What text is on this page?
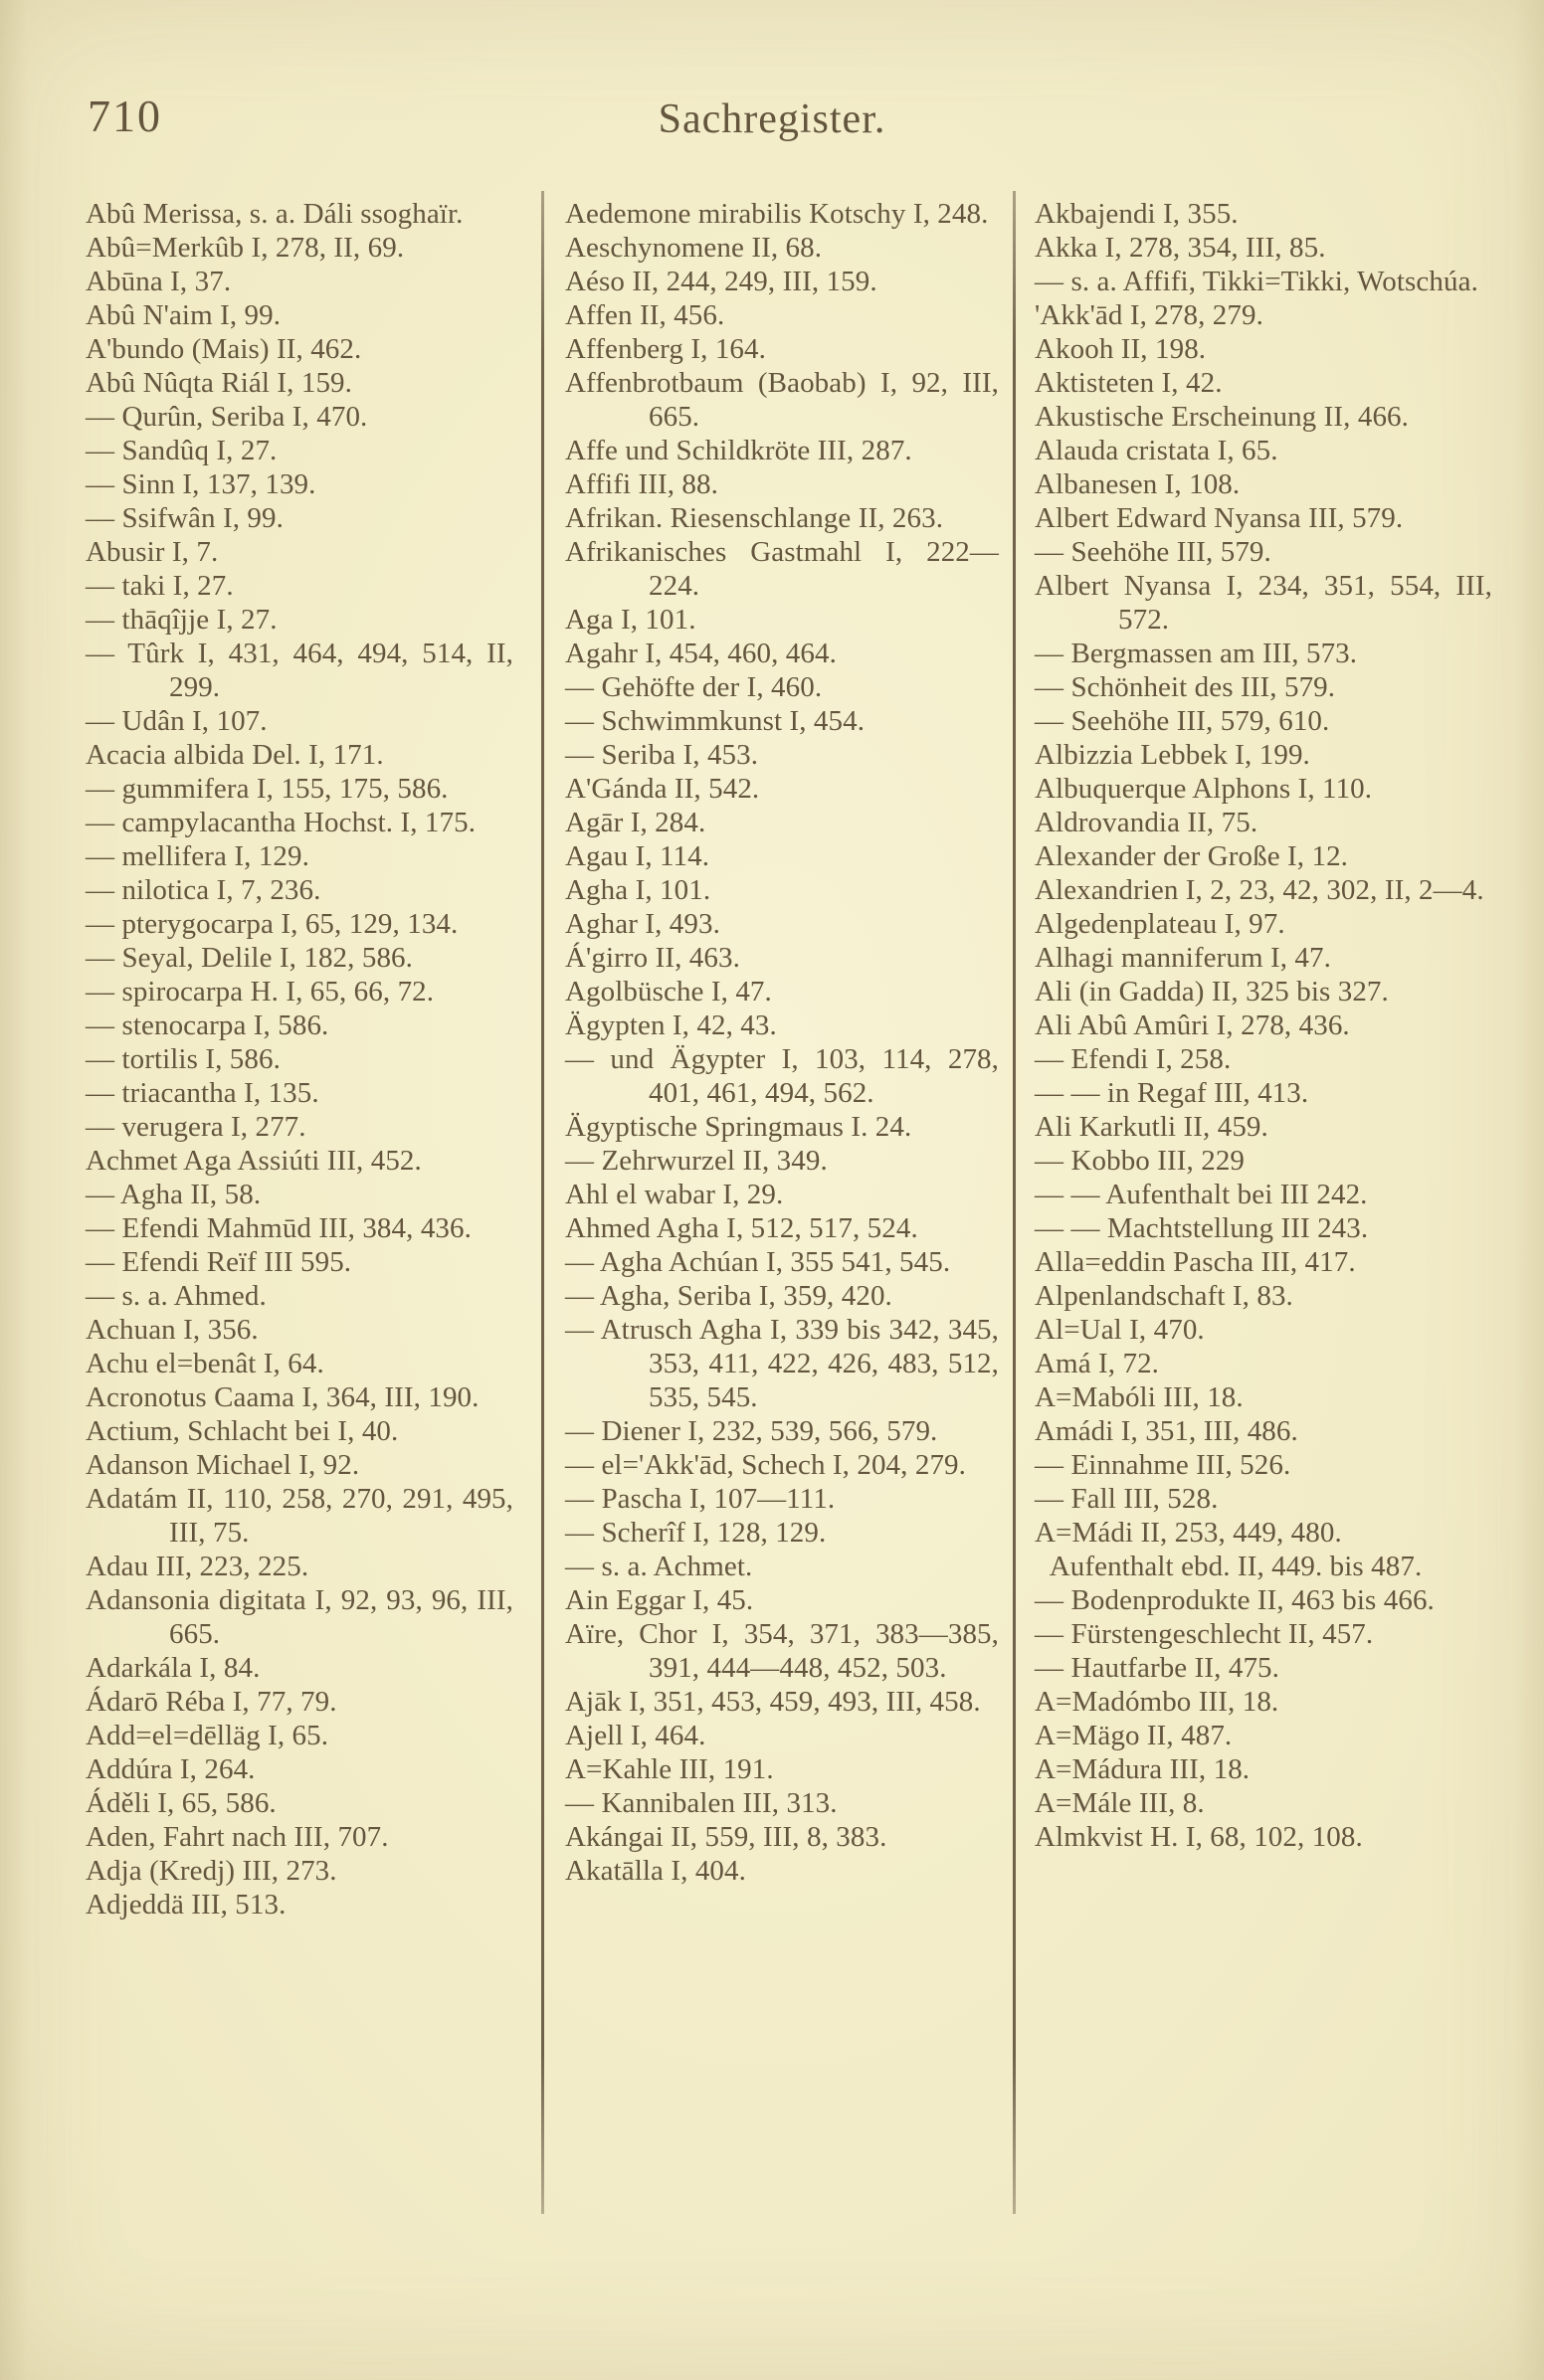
710	Sachregister.

Abû Merissa, s. a. Dáli ssoghaïr.

Abû=Merkûb I, 278, II, 69.

Abūna I, 37.

Abû N'aim I, 99.

A'bundo (Mais) II, 462.

Abû Nûqta Riál I, 159.

— Qurûn, Seriba I, 470.

— Sandûq I, 27.

— Sinn I, 137, 139.

— Ssifwân I, 99.

Abusir I, 7.

— taki I, 27.

— thāqîjje I, 27.

— Tûrk I, 431, 464, 494, 514, II, 299.

— Udân I, 107.

Acacia albida Del. I, 171.

— gummifera I, 155, 175, 586.

— campylacantha Hochst. I, 175.

— mellifera I, 129.

— nilotica I, 7, 236.

— pterygocarpa I, 65, 129, 134.

— Seyal, Delile I, 182, 586.

— spirocarpa H. I, 65, 66, 72.

— stenocarpa I, 586.

— tortilis I, 586.

— triacantha I, 135.

— verugera I, 277.

Achmet Aga Assiúti III, 452.

— Agha II, 58.

— Efendi Mahmūd III, 384, 436.

— Efendi Reïf III 595.

— s. a. Ahmed.

Achuan I, 356.

Achu el=benât I, 64.

Acronotus Caama I, 364, III, 190.

Actium, Schlacht bei I, 40.

Adanson Michael I, 92.

Adatám II, 110, 258, 270, 291, 495, III, 75.

Adau III, 223, 225.

Adansonia digitata I, 92, 93, 96, III, 665.

Adarkála I, 84.

Ádarō Réba I, 77, 79.

Add=el=dēlläg I, 65.

Addúra I, 264.

Áděli I, 65, 586.

Aden, Fahrt nach III, 707.

Adja (Kredj) III, 273.

Adjeddä III, 513.

Aedemone mirabilis Kotschy I, 248.

Aeschynomene II, 68.

Aéso II, 244, 249, III, 159.

Affen II, 456.

Affenberg I, 164.

Affenbrotbaum (Baobab) I, 92, III, 665.

Affe und Schildkröte III, 287.

Affifi III, 88.

Afrikan. Riesenschlange II, 263.

Afrikanisches Gastmahl I, 222—224.

Aga I, 101.

Agahr I, 454, 460, 464.

— Gehöfte der I, 460.

— Schwimmkunst I, 454.

— Seriba I, 453.

A'Gánda II, 542.

Agār I, 284.

Agau I, 114.

Agha I, 101.

Aghar I, 493.

Á'girro II, 463.

Agolbüsche I, 47.

Ägypten I, 42, 43.

— und Ägypter I, 103, 114, 278, 401, 461, 494, 562.

Ägyptische Springmaus I. 24.

— Zehrwurzel II, 349.

Ahl el wabar I, 29.

Ahmed Agha I, 512, 517, 524.

— Agha Achúan I, 355 541, 545.

— Agha, Seriba I, 359, 420.

— Atrusch Agha I, 339 bis 342, 345, 353, 411, 422, 426, 483, 512, 535, 545.

— Diener I, 232, 539, 566, 579.

— el='Akk'ād, Schech I, 204, 279.

— Pascha I, 107—111.

— Scherîf I, 128, 129.

— s. a. Achmet.

Ain Eggar I, 45.

Aïre, Chor I, 354, 371, 383—385, 391, 444—448, 452, 503.

Ajāk I, 351, 453, 459, 493, III, 458.

Ajell I, 464.

A=Kahle III, 191.

— Kannibalen III, 313.

Akángai II, 559, III, 8, 383.

Akatālla I, 404.

Akbajendi I, 355.

Akka I, 278, 354, III, 85.

— s. a. Affifi, Tikki=Tikki, Wotschúa.

'Akk'ād I, 278, 279.

Akooh II, 198.

Aktisteten I, 42.

Akustische Erscheinung II, 466.

Alauda cristata I, 65.

Albanesen I, 108.

Albert Edward Nyansa III, 579.

— Seehöhe III, 579.

Albert Nyansa I, 234, 351, 554, III, 572.

— Bergmassen am III, 573.

— Schönheit des III, 579.

— Seehöhe III, 579, 610.

Albizzia Lebbek I, 199.

Albuquerque Alphons I, 110.

Aldrovandia II, 75.

Alexander der Große I, 12.

Alexandrien I, 2, 23, 42, 302, II, 2—4.

Algedenplateau I, 97.

Alhagi manniferum I, 47.

Ali (in Gadda) II, 325 bis 327.

Ali Abû Amûri I, 278, 436.

— Efendi I, 258.

— — in Regaf III, 413.

Ali Karkutli II, 459.

— Kobbo III, 229

— — Aufenthalt bei III 242.

— — Machtstellung III 243.

Alla=eddin Pascha III, 417.

Alpenlandschaft I, 83.

Al=Ual I, 470.

Amá I, 72.

A=Mabóli III, 18.

Amádi I, 351, III, 486.

— Einnahme III, 526.

— Fall III, 528.

A=Mádi II, 253, 449, 480.

Aufenthalt ebd. II, 449. bis 487.

— Bodenprodukte II, 463 bis 466.

— Fürstengeschlecht II, 457.

— Hautfarbe II, 475.

A=Madómbo III, 18.

A=Mägo II, 487.

A=Mádura III, 18.

A=Mále III, 8.

Almkvist H. I, 68, 102, 108.
